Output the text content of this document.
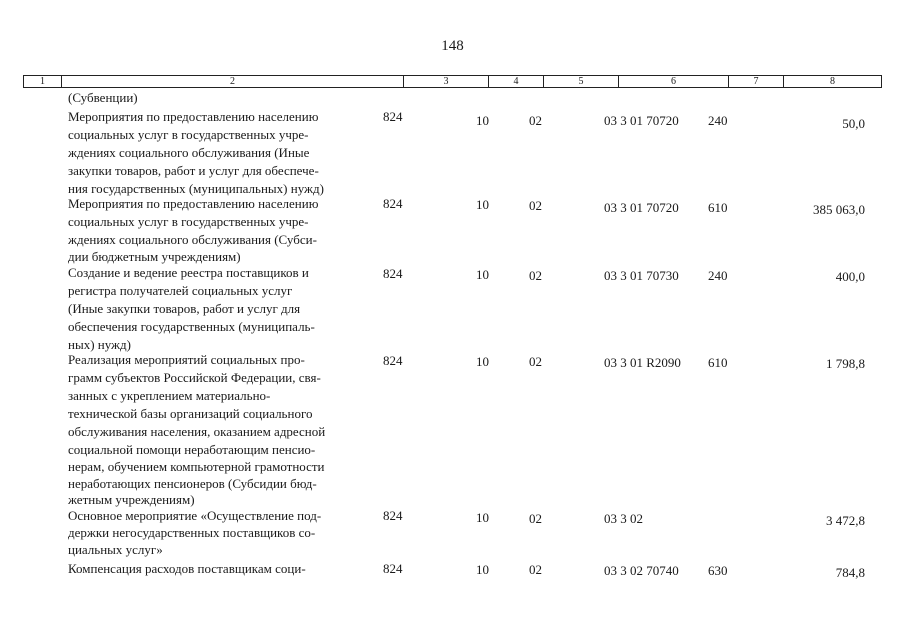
148
1	2	3	4	5	6	7	8
(Субвенции)
Мероприятия по предоставлению населению
социальных услуг в государственных учре-
ждениях социального обслуживания (Иные
закупки товаров, работ и услуг для обеспече-
ния государственных (муниципальных) нужд)
824	10	02	03 3 01 70720 240	50,0
Мероприятия по предоставлению населению
социальных услуг в государственных учре-
ждениях социального обслуживания (Субси-
дии бюджетным учреждениям)
824	10	02	03 3 01 70720 610	385 063,0
Создание и ведение реестра поставщиков и
регистра получателей социальных услуг
(Иные закупки товаров, работ и услуг для
обеспечения государственных (муниципаль-
ных) нужд)
824	10	02	03 3 01 70730 240	400,0
Реализация мероприятий социальных про-
грамм субъектов Российской Федерации, свя-
занных с укреплением материально-
технической базы организаций социального
обслуживания населения, оказанием адресной
социальной помощи неработающим пенсио-
нерам, обучением компьютерной грамотности
неработающих пенсионеров (Субсидии бюд-
жетным учреждениям)
824	10	02	03 3 01 R2090 610	1 798,8
Основное мероприятие «Осуществление под-
держки негосударственных поставщиков со-
циальных услуг»
824	10	02	03 3 02	3 472,8
Компенсация расходов поставщикам соци-	824	10	02	03 3 02 70740 630	784,8
